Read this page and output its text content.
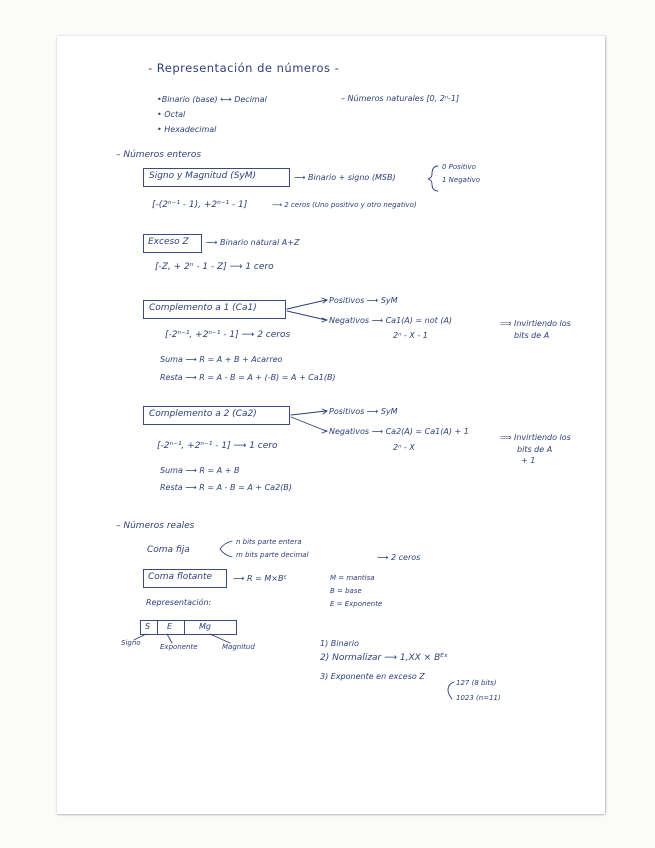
- Representación de números -
•Binario (base) ⟷ Decimal	– Números naturales [0, 2ⁿ-1]
• Octal
• Hexadecimal
– Números enteros
Signo y Magnitud (SyM)	⟶ Binario + signo (MSB)
0 Positivo
1 Negativo
[-(2ⁿ⁻¹ - 1), +2ⁿ⁻¹ - 1]	⟶ 2 ceros (Uno positivo y otro negativo)
Exceso Z ⟶ Binario natural A+Z
[-Z, + 2ⁿ - 1 - Z] ⟶ 1 cero
Complemento a 1 (Ca1)
Positivos ⟶ SyM
Negativos ⟶ Ca1(A) = not (A)
2ⁿ - X - 1
⟹ Invirtiendo los
bits de A
[-2ⁿ⁻¹, +2ⁿ⁻¹ - 1] ⟶ 2 ceros
Suma ⟶ R = A + B + Acarreo
Resta ⟶ R = A - B = A + (-B) = A + Ca1(B)
Complemento a 2 (Ca2)	Positivos ⟶ SyM
Negativos ⟶ Ca2(A) = Ca1(A) + 1
2ⁿ - X
⟹ Invirtiendo los
bits de A
+ 1
[-2ⁿ⁻¹, +2ⁿ⁻¹ - 1] ⟶ 1 cero
Suma ⟶ R = A + B
Resta ⟶ R = A - B = A + Ca2(B)
– Números reales
Coma fija
n bits parte entera
m bits parte decimal	⟶ 2 ceros
Coma flotante	⟶ R = M×Bᴱ	M = mantisa
B = base
E = Exponente
Representación:
S E	Mg
Signo	Exponente	Magnitud	1) Binario
2) Normalizar ⟶ 1,XX × Bᴱˣ
3) Exponente en exceso Z
127 (8 bits)
1023 (n=11)
